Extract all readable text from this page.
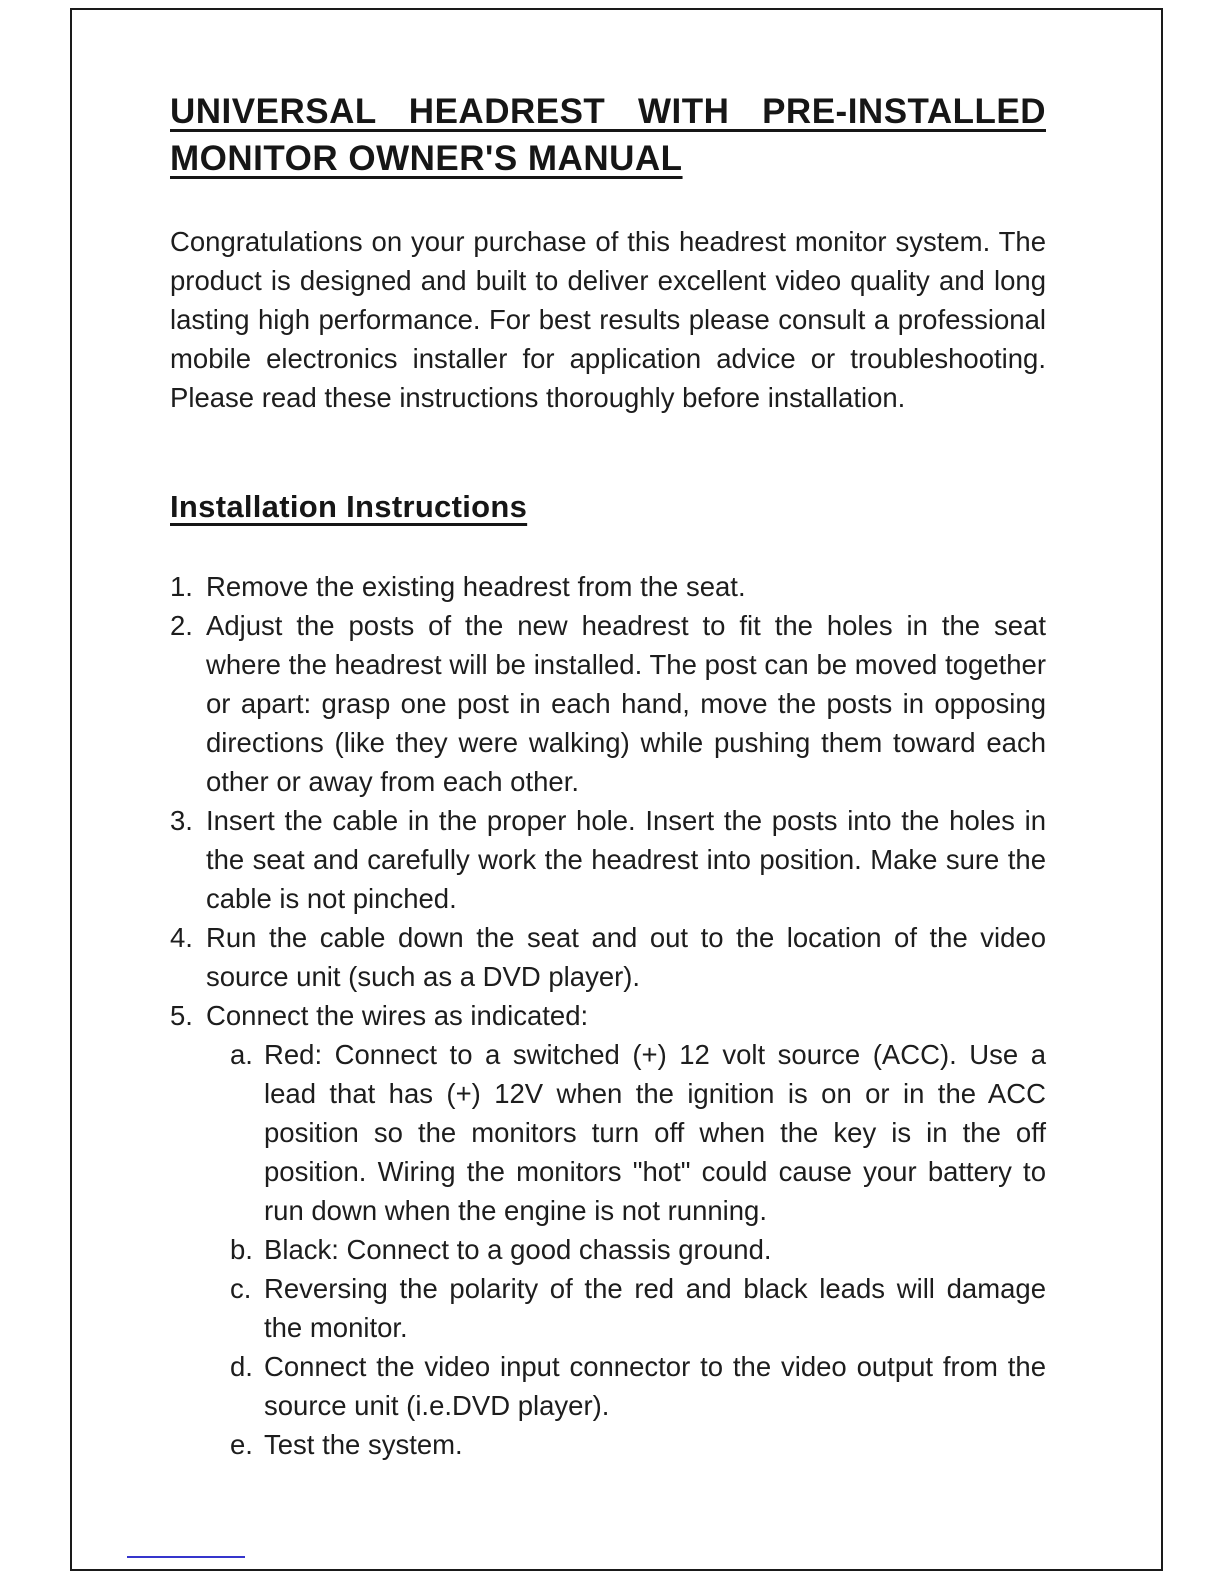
UNIVERSAL HEADREST WITH PRE-INSTALLED
MONITOR OWNER'S MANUAL

Congratulations on your purchase of this headrest monitor system. The product is designed and built to deliver excellent video quality and long lasting high performance. For best results please consult a professional mobile electronics installer for application advice or troubleshooting. Please read these instructions thoroughly before installation.

Installation Instructions
1. Remove the existing headrest from the seat.
2. Adjust the posts of the new headrest to fit the holes in the seat where the headrest will be installed. The post can be moved together or apart: grasp one post in each hand, move the posts in opposing directions (like they were walking) while pushing them toward each other or away from each other.
3. Insert the cable in the proper hole. Insert the posts into the holes in the seat and carefully work the headrest into position. Make sure the cable is not pinched.
4. Run the cable down the seat and out to the location of the video source unit (such as a DVD player).
5. Connect the wires as indicated:
a. Red: Connect to a switched (+) 12 volt source (ACC). Use a lead that has (+) 12V when the ignition is on or in the ACC position so the monitors turn off when the key is in the off position. Wiring the monitors "hot" could cause your battery to run down when the engine is not running.
b. Black: Connect to a good chassis ground.
c. Reversing the polarity of the red and black leads will damage the monitor.
d. Connect the video input connector to the video output from the source unit (i.e.DVD player).
e. Test the system.
